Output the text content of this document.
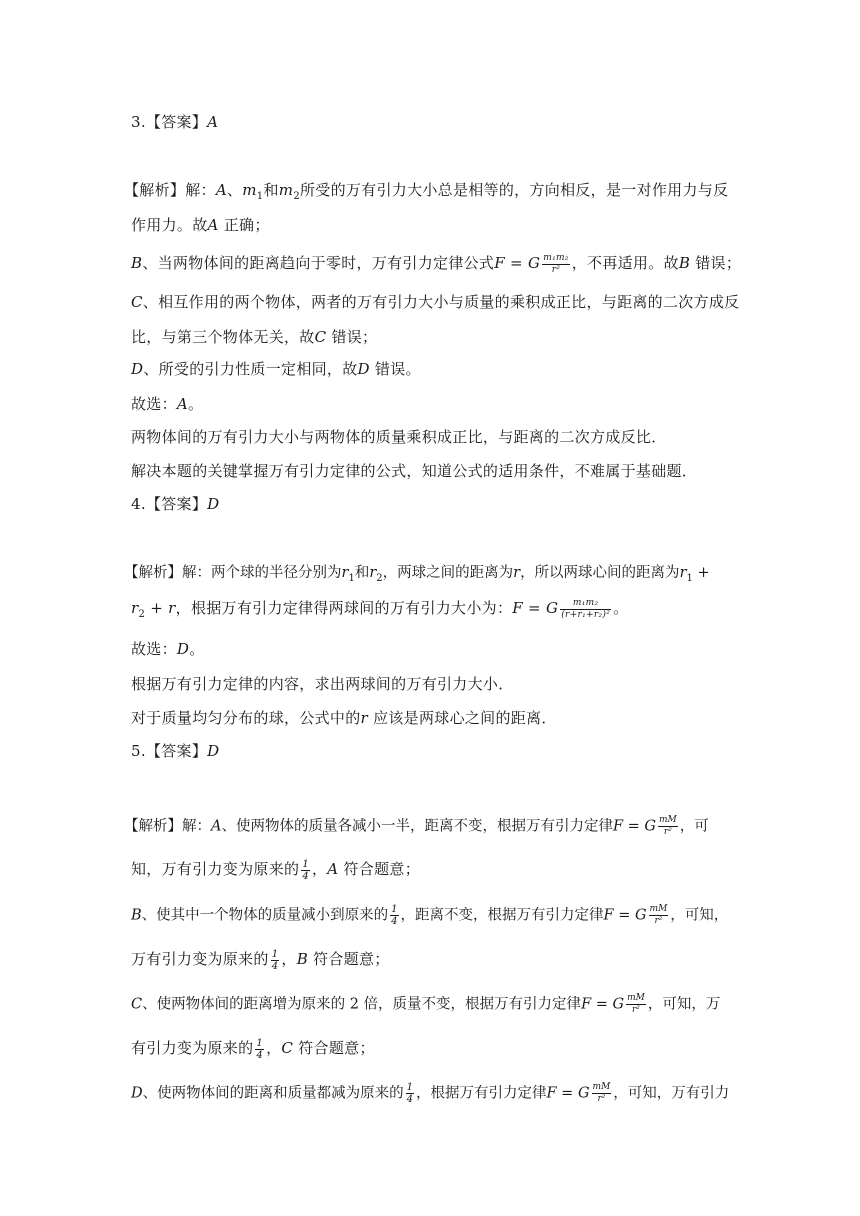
3.【答案】A
【解析】解：A、$m_1$和$m_2$所受的万有引力大小总是相等的，方向相反，是一对作用力与反
作用力。故A 正确；
B、当两物体间的距离趋向于零时，万有引力定律公式F = G $\frac{\text{m₁m₂}}{\text{r²}}$ ，不再适用。故B 错误；
C、相互作用的两个物体，两者的万有引力大小与质量的乘积成正比，与距离的二次方成反
比，与第三个物体无关，故C 错误；
D、所受的引力性质一定相同，故D 错误。
故选：A。
两物体间的万有引力大小与两物体的质量乘积成正比，与距离的二次方成反比．
解决本题的关键掌握万有引力定律的公式，知道公式的适用条件，不难属于基础题．
4.【答案】D
【解析】解：两个球的半径分别为$r_1$和$r_2$，两球之间的距离为r，所以两球心间的距离为$r_1$ +
$r_2 + r$，根据万有引力定律得两球间的万有引力大小为：F = G $\frac{\text{m₁m₂}}{\text{(r+r₁+r₂)²}}$ 。
故选：D。
根据万有引力定律的内容，求出两球间的万有引力大小．
对于质量均匀分布的球，公式中的r 应该是两球心之间的距离．
5.【答案】D
【解析】解：A、使两物体的质量各减小一半，距离不变，根据万有引力定律F = G $\frac{mM}{\text{r²}}$ ，可
知，万有引力变为原来的 $\frac{1}{4}$ ，A 符合题意；
B、使其中一个物体的质量减小到原来的 $\frac{1}{4}$ ，距离不变，根据万有引力定律F = G $\frac{mM}{\text{r²}}$ ，可知，
万有引力变为原来的 $\frac{1}{4}$ ，B 符合题意；
C、使两物体间的距离增为原来的 2 倍，质量不变，根据万有引力定律F = G $\frac{mM}{\text{r²}}$ ，可知，万
有引力变为原来的 $\frac{1}{4}$ ，C 符合题意；
D、使两物体间的距离和质量都减为原来的 $\frac{1}{4}$ ，根据万有引力定律F = G $\frac{mM}{\text{r²}}$ ，可知，万有引力
